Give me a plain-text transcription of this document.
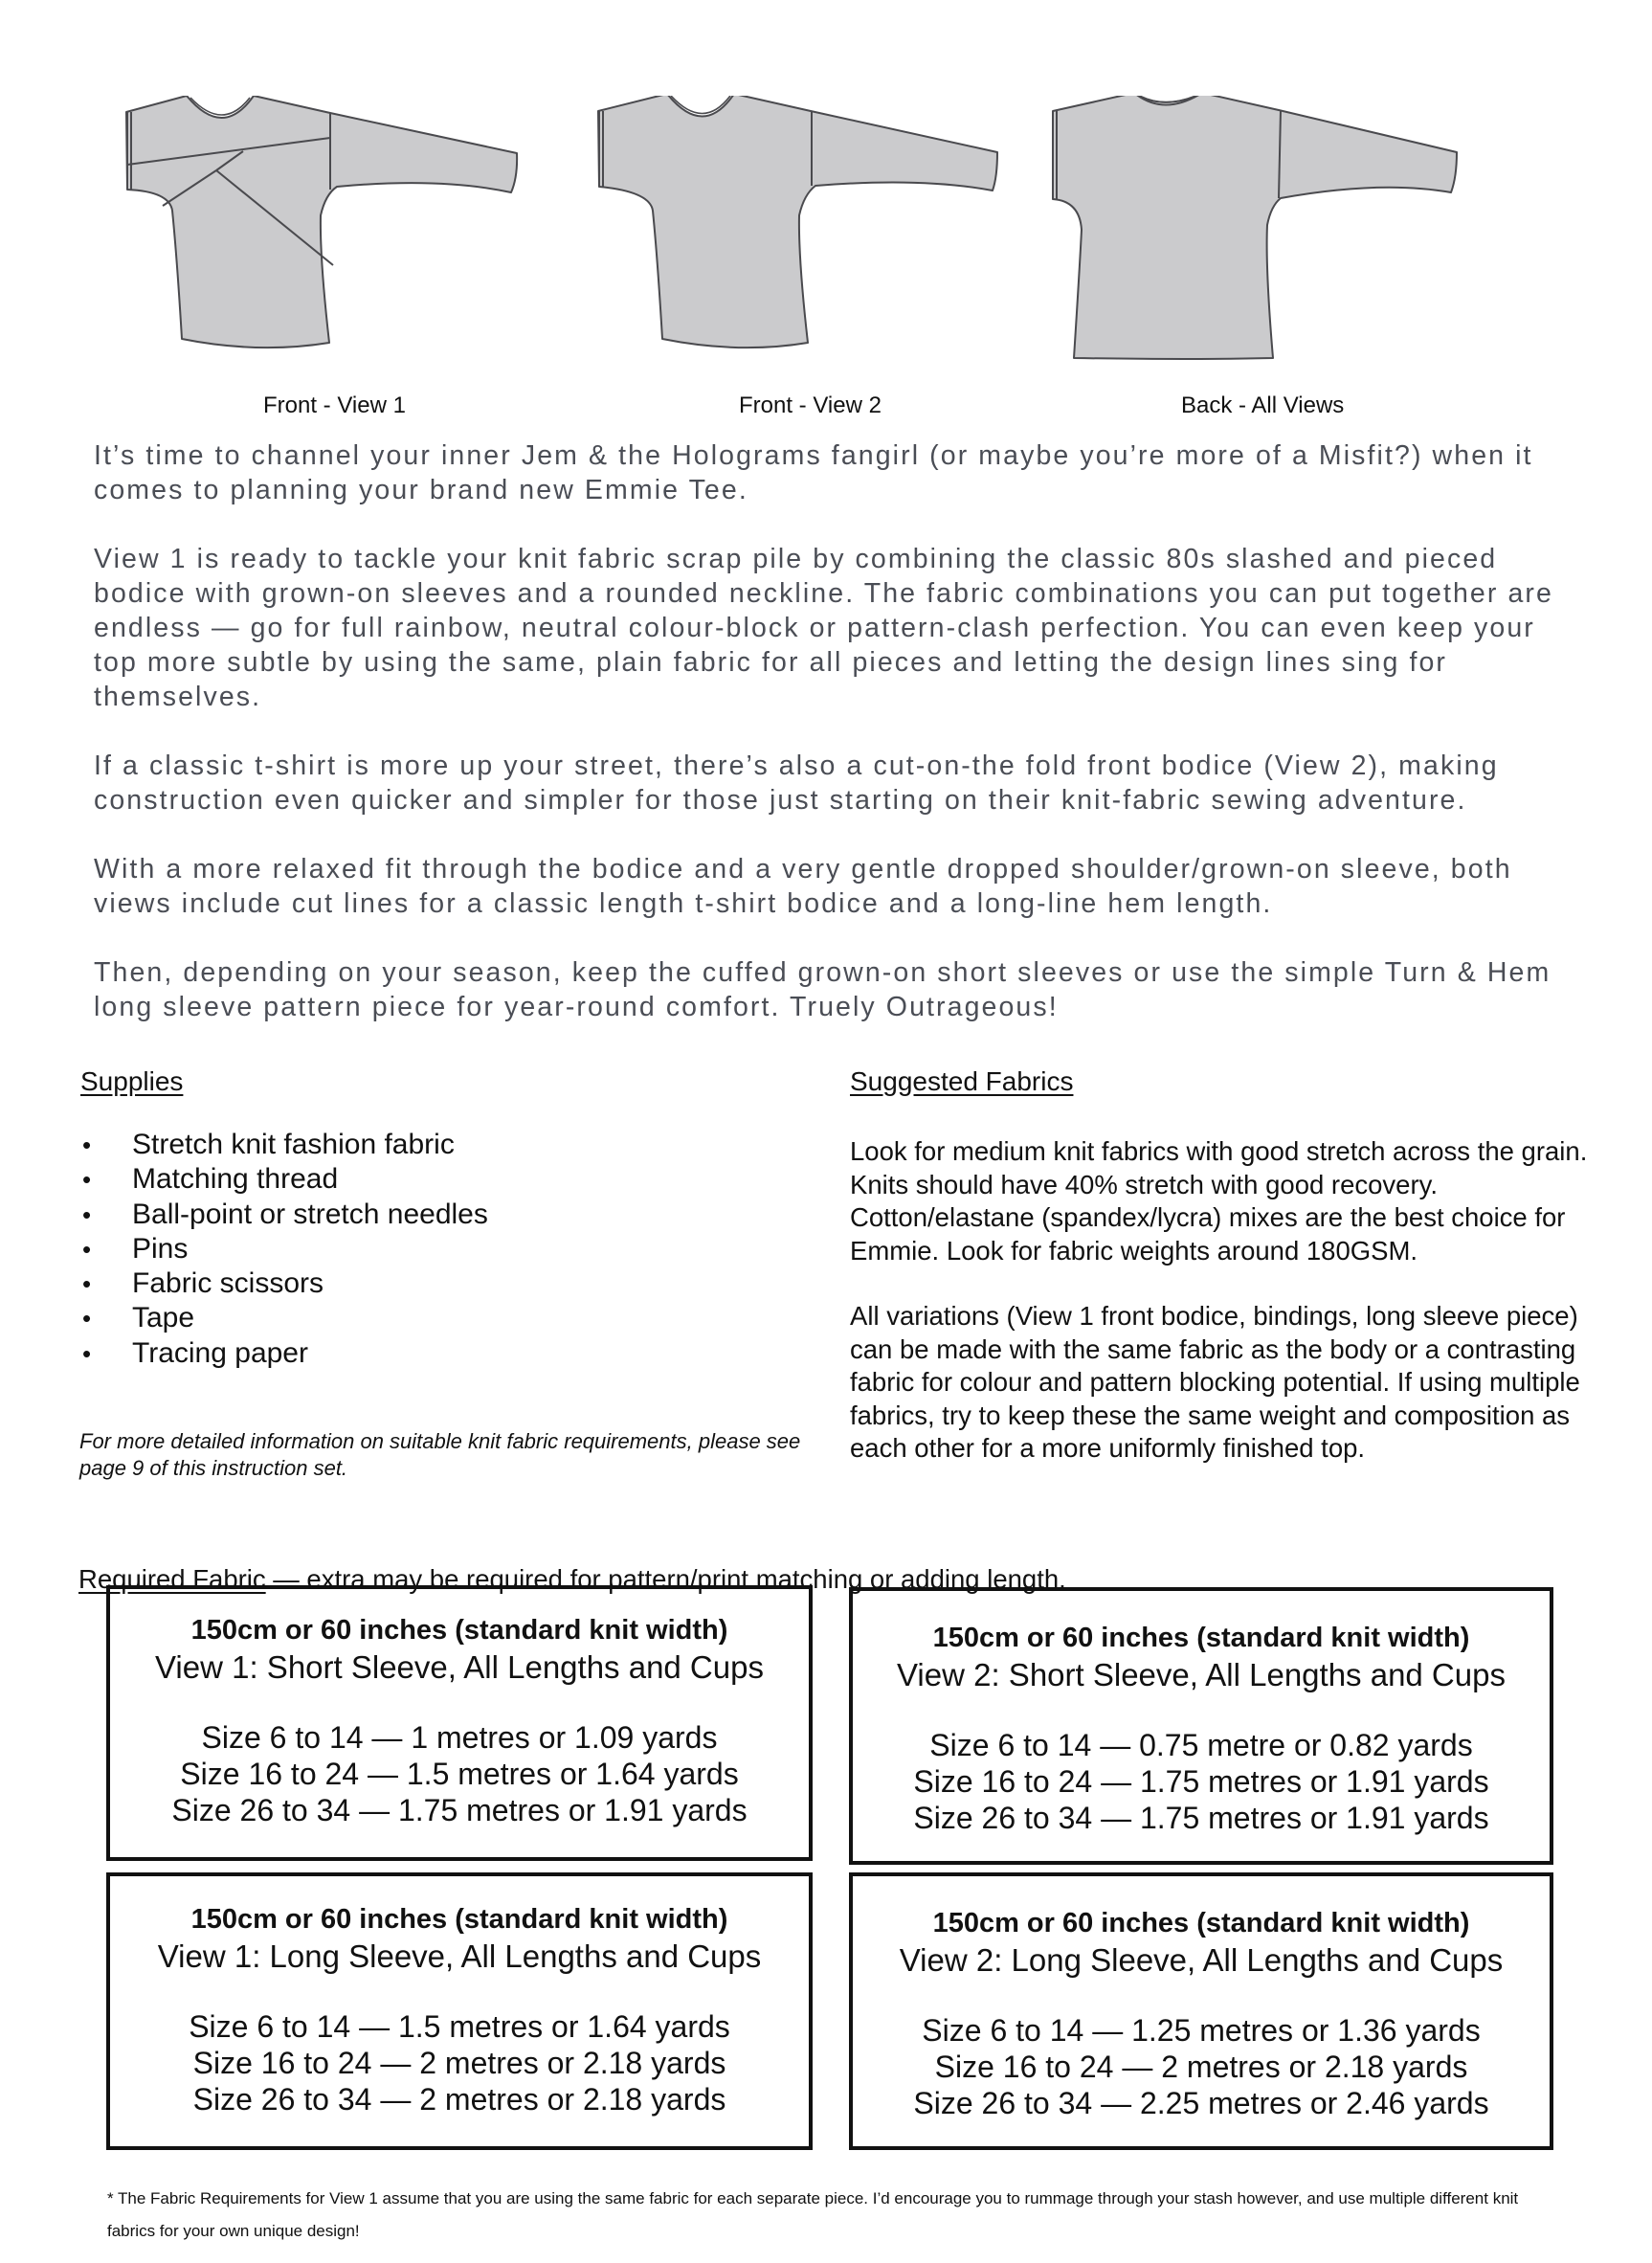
Front - View 1	Front - View 2	Back - All Views

It’s time to channel your inner Jem & the Holograms fangirl (or maybe you’re more of a Misfit?) when it comes to planning your brand new Emmie Tee.

View 1 is ready to tackle your knit fabric scrap pile by combining the classic 80s slashed and pieced bodice with grown-on sleeves and a rounded neckline. The fabric combinations you can put together are endless — go for full rainbow, neutral colour-block or pattern-clash perfection. You can even keep your top more subtle by using the same, plain fabric for all pieces and letting the design lines sing for themselves.

If a classic t-shirt is more up your street, there’s also a cut-on-the fold front bodice (View 2), making construction even quicker and simpler for those just starting on their knit-fabric sewing adventure.

With a more relaxed fit through the bodice and a very gentle dropped shoulder/grown-on sleeve, both views include cut lines for a classic length t-shirt bodice and a long-line hem length.

Then, depending on your season, keep the cuffed grown-on short sleeves or use the simple Turn & Hem long sleeve pattern piece for year-round comfort. Truely Outrageous!

Supplies
• Stretch knit fashion fabric
• Matching thread
• Ball-point or stretch needles
• Pins
• Fabric scissors
• Tape
• Tracing paper
For more detailed information on suitable knit fabric requirements, please see page 9 of this instruction set.
Suggested Fabrics
Look for medium knit fabrics with good stretch across the grain. Knits should have 40% stretch with good recovery. Cotton/elastane (spandex/lycra) mixes are the best choice for Emmie. Look for fabric weights around 180GSM.
All variations (View 1 front bodice, bindings, long sleeve piece) can be made with the same fabric as the body or a contrasting fabric for colour and pattern blocking potential. If using multiple fabrics, try to keep these the same weight and composition as each other for a more uniformly finished top.
Required Fabric — extra may be required for pattern/print matching or adding length.
150cm or 60 inches (standard knit width)
View 1: Short Sleeve, All Lengths and Cups
Size 6 to 14 — 1 metres or 1.09 yards
Size 16 to 24 — 1.5 metres or 1.64 yards
Size 26 to 34 — 1.75 metres or 1.91 yards
150cm or 60 inches (standard knit width)
View 2: Short Sleeve, All Lengths and Cups
Size 6 to 14 — 0.75 metre or 0.82 yards
Size 16 to 24 — 1.75 metres or 1.91 yards
Size 26 to 34 — 1.75 metres or 1.91 yards
150cm or 60 inches (standard knit width)
View 1: Long Sleeve, All Lengths and Cups
Size 6 to 14 — 1.5 metres or 1.64 yards
Size 16 to 24 — 2 metres or 2.18 yards
Size 26 to 34 — 2 metres or 2.18 yards
150cm or 60 inches (standard knit width)
View 2: Long Sleeve, All Lengths and Cups
Size 6 to 14 — 1.25 metres or 1.36 yards
Size 16 to 24 — 2 metres or 2.18 yards
Size 26 to 34 — 2.25 metres or 2.46 yards
* The Fabric Requirements for View 1 assume that you are using the same fabric for each separate piece. I’d encourage you to rummage through your stash however, and use multiple different knit fabrics for your own unique design!
